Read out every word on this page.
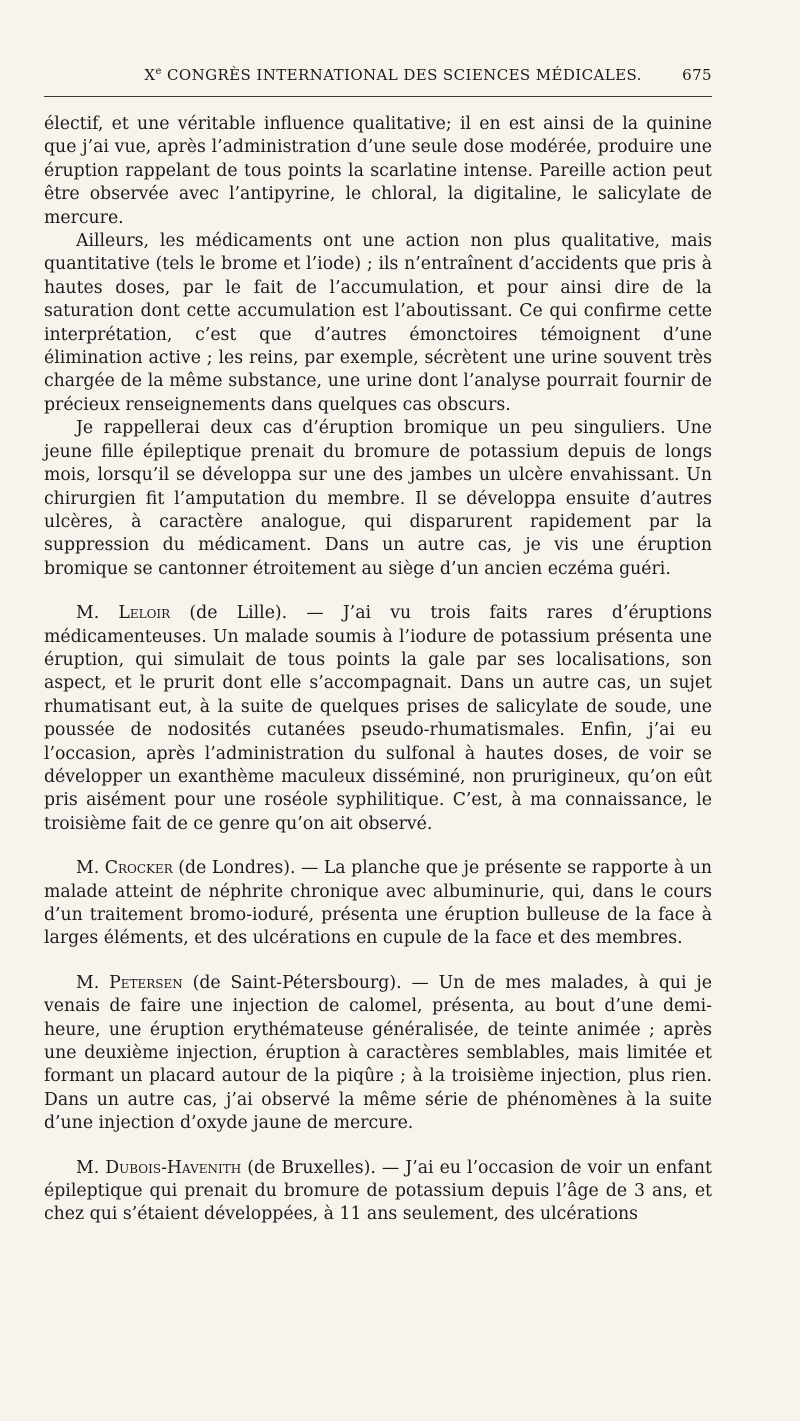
Xe CONGRÈS INTERNATIONAL DES SCIENCES MÉDICALES.	675

électif, et une véritable influence qualitative; il en est ainsi de la quinine que j’ai vue, après l’administration d’une seule dose modérée, produire une éruption rappelant de tous points la scarlatine intense. Pareille action peut être observée avec l’antipyrine, le chloral, la digitaline, le salicylate de mercure.

Ailleurs, les médicaments ont une action non plus qualitative, mais quantitative (tels le brome et l’iode) ; ils n’entraînent d’accidents que pris à hautes doses, par le fait de l’accumulation, et pour ainsi dire de la saturation dont cette accumulation est l’aboutissant. Ce qui confirme cette interprétation, c’est que d’autres émonctoires témoignent d’une élimination active ; les reins, par exemple, sécrètent une urine souvent très chargée de la même substance, une urine dont l’analyse pourrait fournir de précieux renseignements dans quelques cas obscurs.

Je rappellerai deux cas d’éruption bromique un peu singuliers. Une jeune fille épileptique prenait du bromure de potassium depuis de longs mois, lorsqu’il se développa sur une des jambes un ulcère envahissant. Un chirurgien fit l’amputation du membre. Il se développa ensuite d’autres ulcères, à caractère analogue, qui disparurent rapidement par la suppression du médicament. Dans un autre cas, je vis une éruption bromique se cantonner étroitement au siège d’un ancien eczéma guéri.

M. Leloir (de Lille). — J’ai vu trois faits rares d’éruptions médicamenteuses. Un malade soumis à l’iodure de potassium présenta une éruption, qui simulait de tous points la gale par ses localisations, son aspect, et le prurit dont elle s’accompagnait. Dans un autre cas, un sujet rhumatisant eut, à la suite de quelques prises de salicylate de soude, une poussée de nodosités cutanées pseudo-rhumatismales. Enfin, j’ai eu l’occasion, après l’administration du sulfonal à hautes doses, de voir se développer un exanthème maculeux disséminé, non prurigineux, qu’on eût pris aisément pour une roséole syphilitique. C’est, à ma connaissance, le troisième fait de ce genre qu’on ait observé.

M. Crocker (de Londres). — La planche que je présente se rapporte à un malade atteint de néphrite chronique avec albuminurie, qui, dans le cours d’un traitement bromo-ioduré, présenta une éruption bulleuse de la face à larges éléments, et des ulcérations en cupule de la face et des membres.

M. Petersen (de Saint-Pétersbourg). — Un de mes malades, à qui je venais de faire une injection de calomel, présenta, au bout d’une demi-heure, une éruption erythémateuse généralisée, de teinte animée ; après une deuxième injection, éruption à caractères semblables, mais limitée et formant un placard autour de la piqûre ; à la troisième injection, plus rien. Dans un autre cas, j’ai observé la même série de phénomènes à la suite d’une injection d’oxyde jaune de mercure.

M. Dubois-Havenith (de Bruxelles). — J’ai eu l’occasion de voir un enfant épileptique qui prenait du bromure de potassium depuis l’âge de 3 ans, et chez qui s’étaient développées, à 11 ans seulement, des ulcérations
